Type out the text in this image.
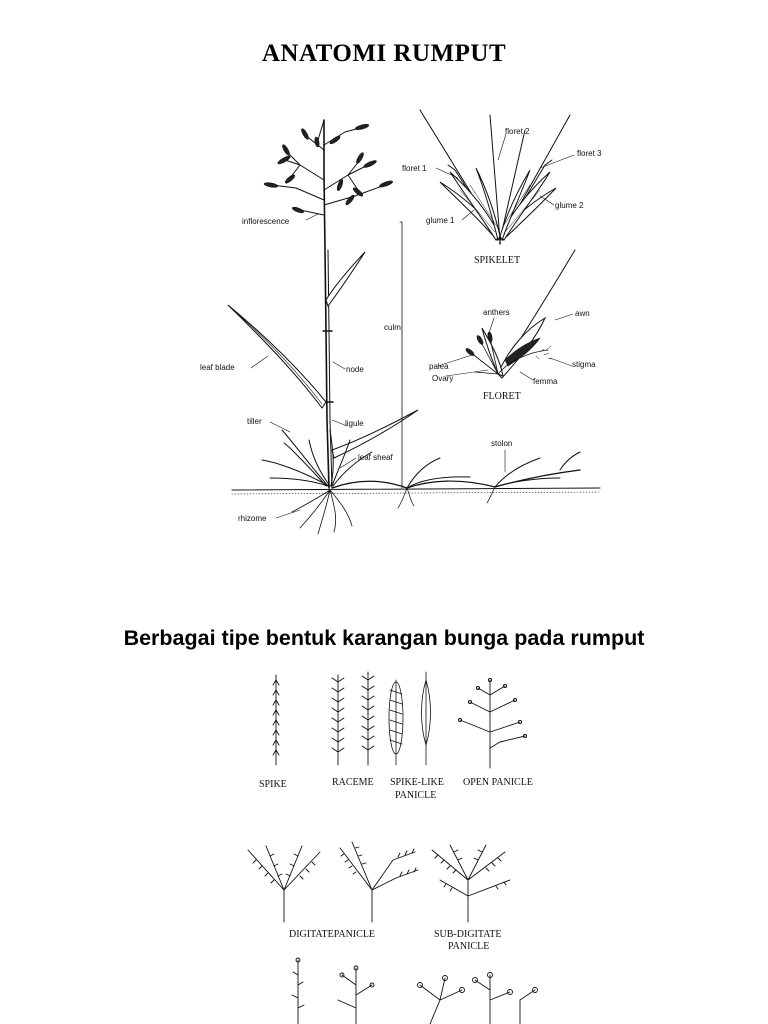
ANATOMI RUMPUT
Berbagai tipe bentuk karangan bunga pada rumput
inflorescence
culm
leaf blade	node
tiller	ligule
leaf sheaf
stolon
rhizome
floret 1
floret 2
floret 3
glume 1
glume 2
SPIKELET
anthers	awn
palea
Ovary
stigma
femma
FLORET
SPIKE	RACEME SPIKE-LIKE
PANICLE
OPEN PANICLE
DIGITATEPANICLE	SUB-DIGITATE
PANICLE
